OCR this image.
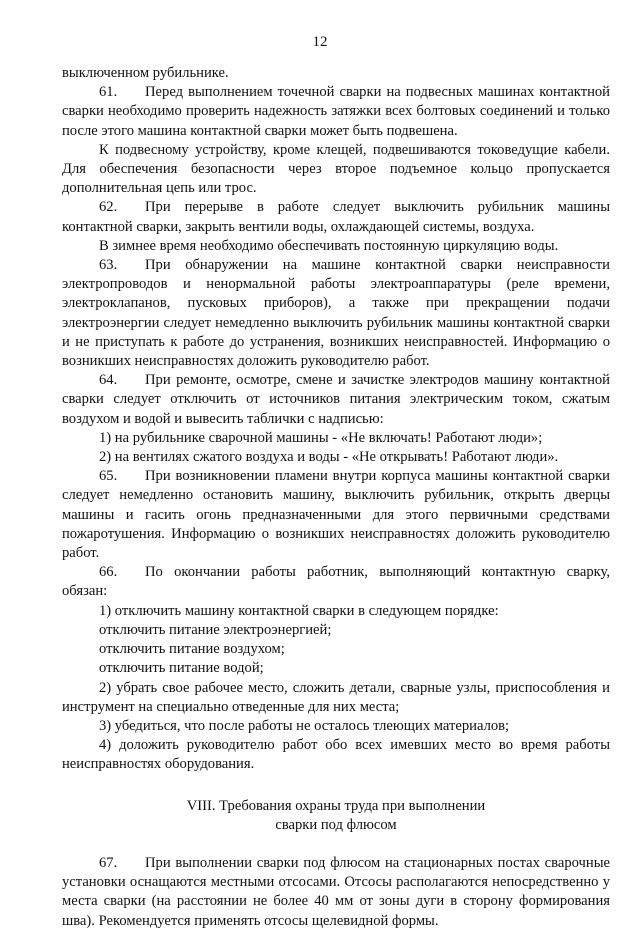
12

выключенном рубильнике.

61. Перед выполнением точечной сварки на подвесных машинах контактной сварки необходимо проверить надежность затяжки всех болтовых соединений и только после этого машина контактной сварки может быть подвешена.

К подвесному устройству, кроме клещей, подвешиваются токоведущие кабели. Для обеспечения безопасности через второе подъемное кольцо пропускается дополнительная цепь или трос.

62. При перерыве в работе следует выключить рубильник машины контактной сварки, закрыть вентили воды, охлаждающей системы, воздуха.

В зимнее время необходимо обеспечивать постоянную циркуляцию воды.

63. При обнаружении на машине контактной сварки неисправности электропроводов и ненормальной работы электроаппаратуры (реле времени, электроклапанов, пусковых приборов), а также при прекращении подачи электроэнергии следует немедленно выключить рубильник машины контактной сварки и не приступать к работе до устранения, возникших неисправностей. Информацию о возникших неисправностях доложить руководителю работ.

64. При ремонте, осмотре, смене и зачистке электродов машину контактной сварки следует отключить от источников питания электрическим током, сжатым воздухом и водой и вывесить таблички с надписью:

1) на рубильнике сварочной машины - «Не включать! Работают люди»;

2) на вентилях сжатого воздуха и воды - «Не открывать! Работают люди».

65. При возникновении пламени внутри корпуса машины контактной сварки следует немедленно остановить машину, выключить рубильник, открыть дверцы машины и гасить огонь предназначенными для этого первичными средствами пожаротушения. Информацию о возникших неисправностях доложить руководителю работ.

66. По окончании работы работник, выполняющий контактную сварку, обязан:

1) отключить машину контактной сварки в следующем порядке:

отключить питание электроэнергией;

отключить питание воздухом;

отключить питание водой;

2) убрать свое рабочее место, сложить детали, сварные узлы, приспособления и инструмент на специально отведенные для них места;

3) убедиться, что после работы не осталось тлеющих материалов;

4) доложить руководителю работ обо всех имевших место во время работы неисправностях оборудования.

VIII. Требования охраны труда при выполнении
сварки под флюсом

67. При выполнении сварки под флюсом на стационарных постах сварочные установки оснащаются местными отсосами. Отсосы располагаются непосредственно у места сварки (на расстоянии не более 40 мм от зоны дуги в сторону формирования шва). Рекомендуется применять отсосы щелевидной формы.
